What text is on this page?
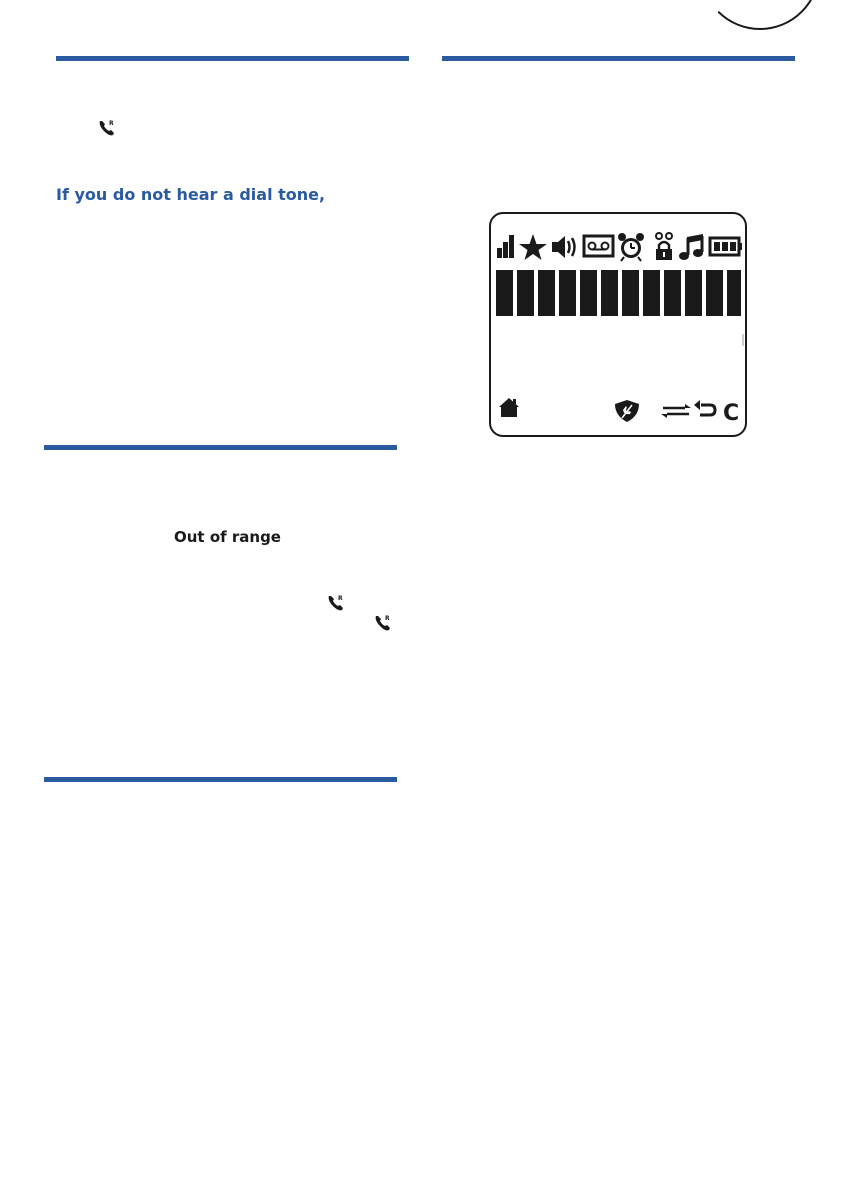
R

If you do not hear a dial tone,

Out of range

R
R
C
